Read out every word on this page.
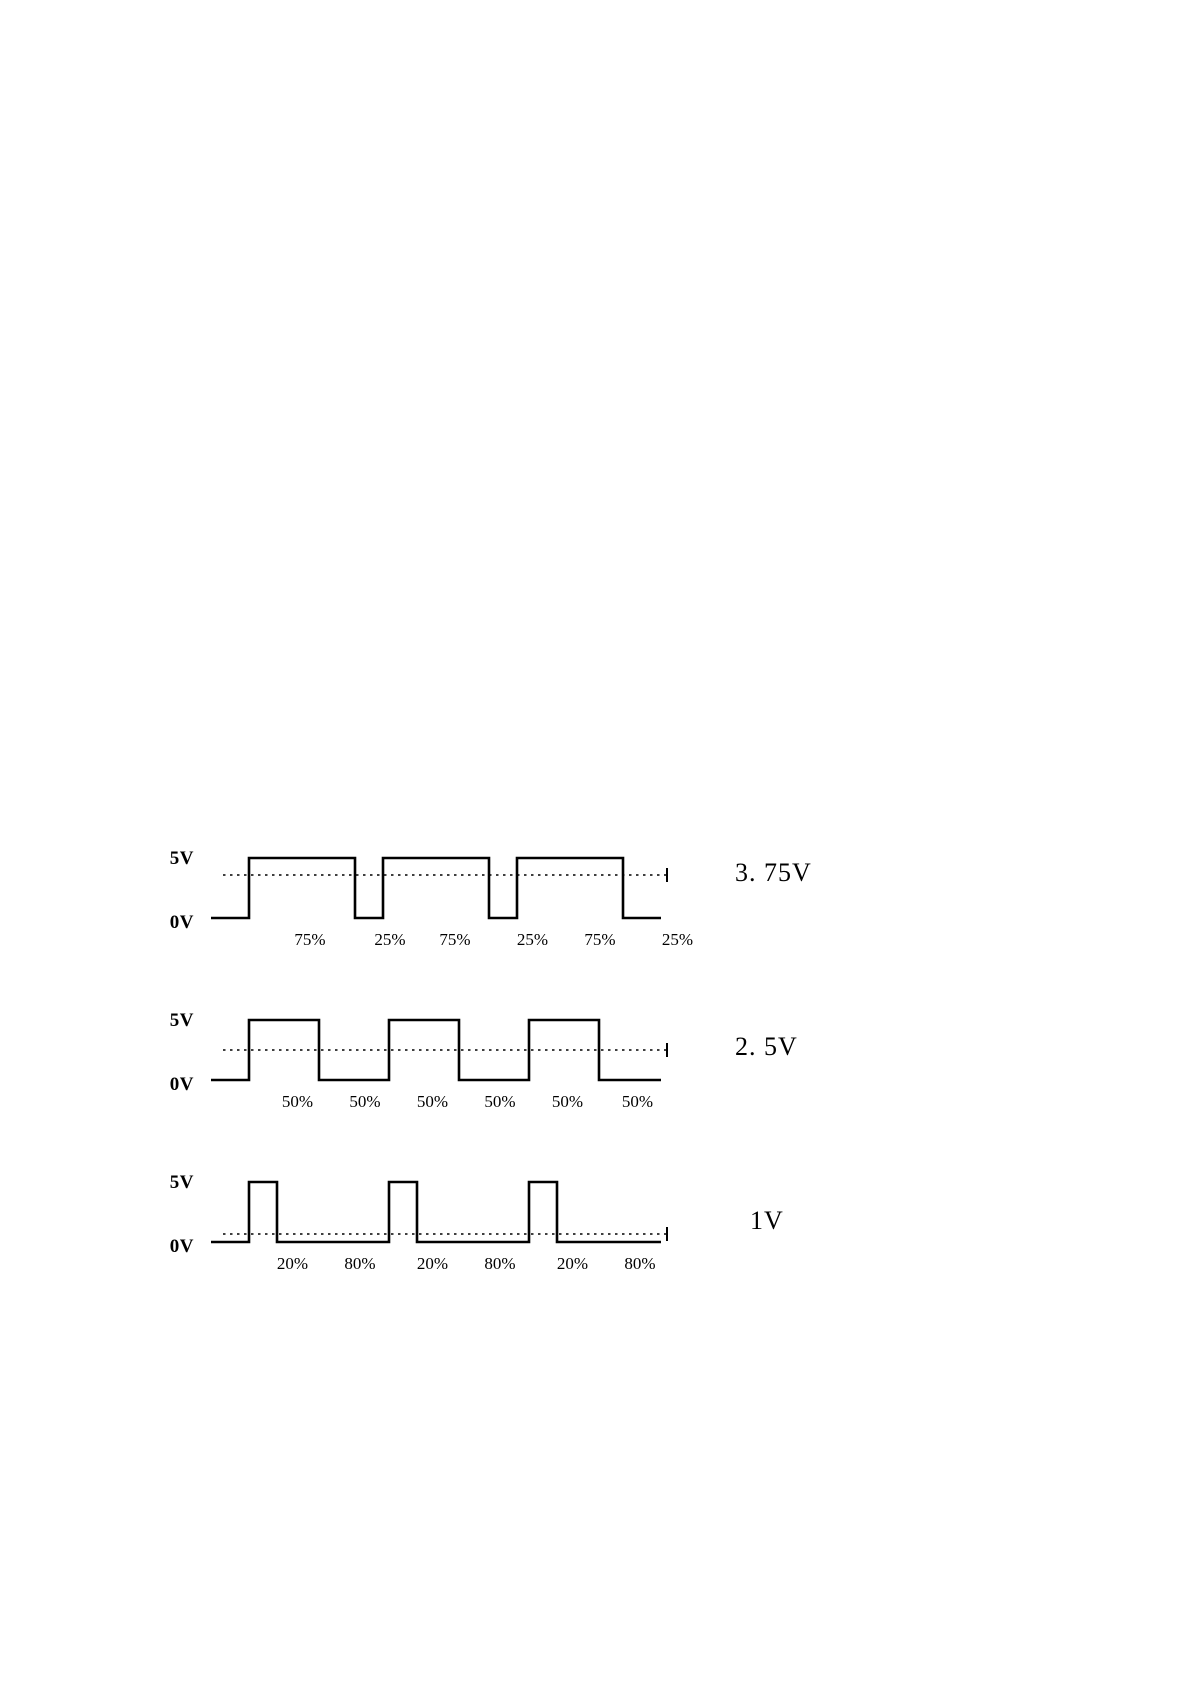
5V
0V
3. 75V
75%	25% 75%	25% 75%	25%
5V
0V
2. 5V
50% 50% 50% 50% 50% 50%
5V
0V
1V
20% 80% 20% 80% 20% 80%
